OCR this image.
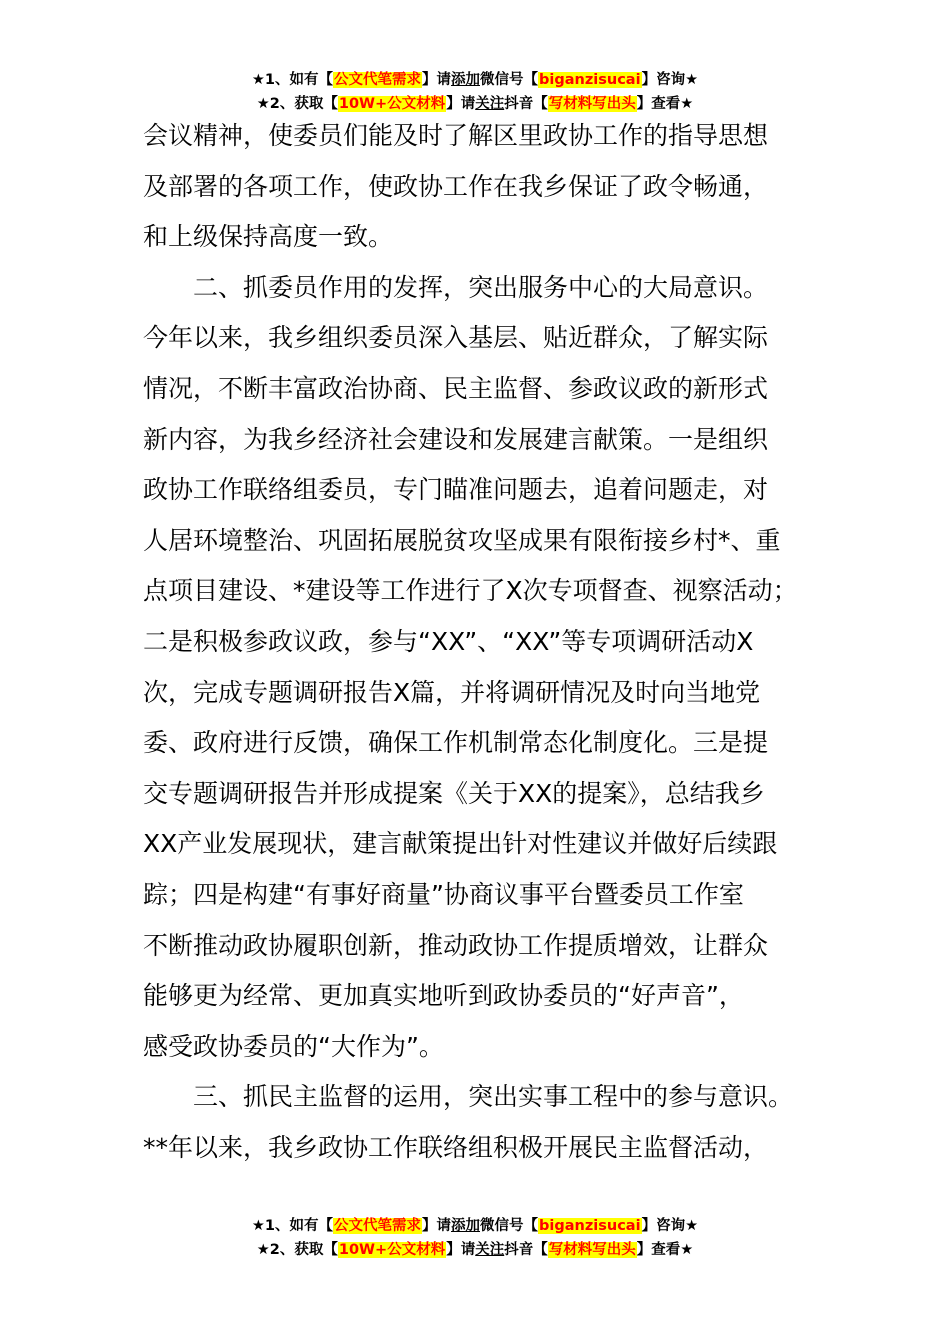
★1、如有【公文代笔需求】请添加微信号【biganzisucai】咨询★
★2、获取【10W+公文材料】请关注抖音【写材料写出头】查看★
会议精神，使委员们能及时了解区里政协工作的指导思想
及部署的各项工作，使政协工作在我乡保证了政令畅通，
和上级保持高度一致。
二、抓委员作用的发挥，突出服务中心的大局意识。
今年以来，我乡组织委员深入基层、贴近群众，了解实际
情况，不断丰富政治协商、民主监督、参政议政的新形式
新内容，为我乡经济社会建设和发展建言献策。一是组织
政协工作联络组委员，专门瞄准问题去，追着问题走，对
人居环境整治、巩固拓展脱贫攻坚成果有限衔接乡村*、重
点项目建设、*建设等工作进行了X次专项督查、视察活动；
二是积极参政议政，参与“XX”、“XX”等专项调研活动X
次，完成专题调研报告X篇，并将调研情况及时向当地党
委、政府进行反馈，确保工作机制常态化制度化。三是提
交专题调研报告并形成提案《关于XX的提案》，总结我乡
XX产业发展现状，建言献策提出针对性建议并做好后续跟
踪；四是构建“有事好商量”协商议事平台暨委员工作室
不断推动政协履职创新，推动政协工作提质增效，让群众
能够更为经常、更加真实地听到政协委员的“好声音”，
感受政协委员的“大作为”。
三、抓民主监督的运用，突出实事工程中的参与意识。
**年以来，我乡政协工作联络组积极开展民主监督活动，
★1、如有【公文代笔需求】请添加微信号【biganzisucai】咨询★
★2、获取【10W+公文材料】请关注抖音【写材料写出头】查看★
